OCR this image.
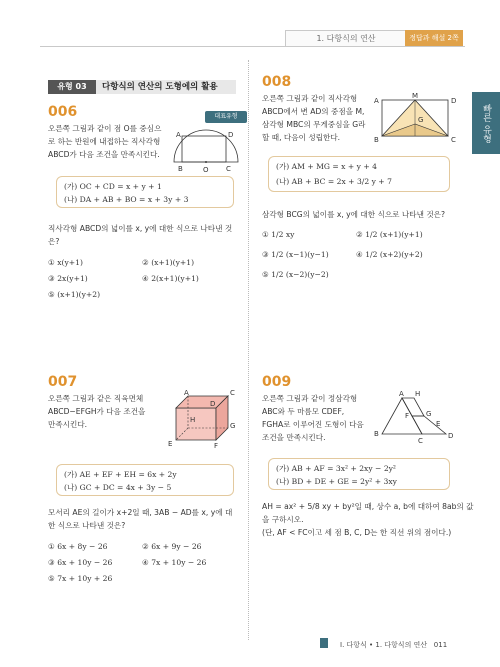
1. 다항식의 연산	정답과 해설 2쪽
빠른 유형
유형 03	다항식의 연산의 도형에의 활용
006	대표유형
오른쪽 그림과 같이 점 O를 중심으
로 하는 반원에 내접하는 직사각형
ABCD가 다음 조건을 만족시킨다.
A	D
B	O C
(가) OC + CD = x + y + 1
(나) DA + AB + BO = x + 3y + 3
직사각형 ABCD의 넓이를 x, y에 대한 식으로 나타낸 것
은?
① x(y+1)	② (x+1)(y+1)
③ 2x(y+1)	④ 2(x+1)(y+1)
⑤ (x+1)(y+2)
007
오른쪽 그림과 같은 직육면체
ABCD−EFGH가 다음 조건을
만족시킨다.
A	C
D
H
G
E	F
(가) AE + EF + EH = 6x + 2y
(나) GC + DC = 4x + 3y − 5
모서리 AE의 길이가 x+2일 때, 3AB − AD를 x, y에 대
한 식으로 나타낸 것은?
① 6x + 8y − 26	② 6x + 9y − 26
③ 6x + 10y − 26	④ 7x + 10y − 26
⑤ 7x + 10y + 26
008
오른쪽 그림과 같이 직사각형
ABCD에서 변 AD의 중점을 M,
삼각형 MBC의 무게중심을 G라
할 때, 다음이 성립한다.
A
M
D
G
B	C
(가) AM + MG = x + y + 4
(나) AB + BC = 2x + 3/2 y + 7
삼각형 BCG의 넓이를 x, y에 대한 식으로 나타낸 것은?
① 1/2 xy	② 1/2 (x+1)(y+1)
③ 1/2 (x−1)(y−1)	④ 1/2 (x+2)(y+2)
⑤ 1/2 (x−2)(y−2)
009
오른쪽 그림과 같이 정삼각형
ABC와 두 마름모 CDEF,
FGHA로 이루어진 도형이 다음
조건을 만족시킨다.
A H
G
F
E
B
C
D
(가) AB + AF = 3x² + 2xy − 2y²
(나) BD + DE + GE = 2y² + 3xy
AH = ax² + 5/8 xy + by²일 때, 상수 a, b에 대하여 8ab의 값
을 구하시오.
(단, AF < FC이고 세 점 B, C, D는 한 직선 위의 점이다.)
Ⅰ. 다항식 • 1. 다항식의 연산 011
